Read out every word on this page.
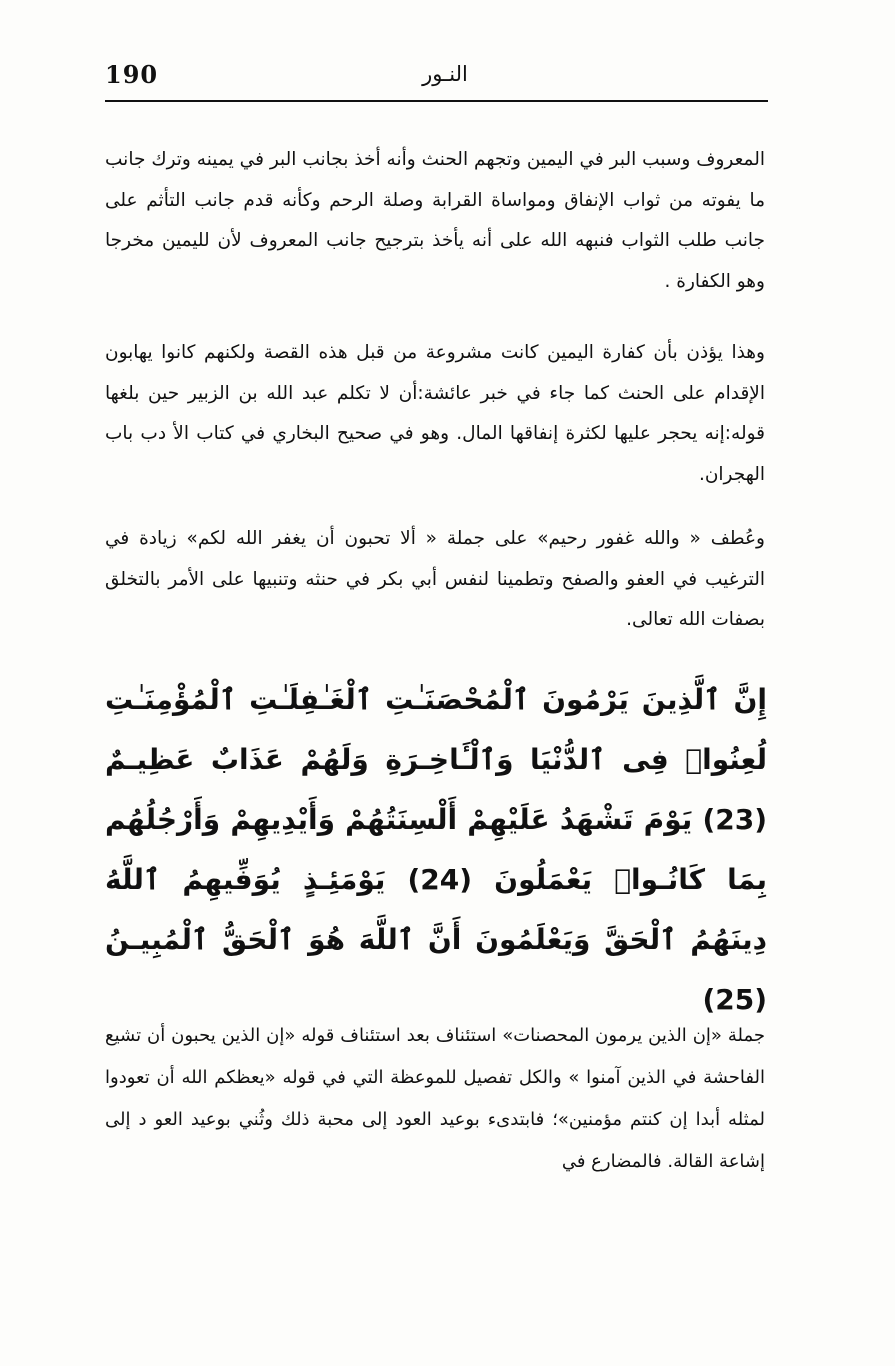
190	النـور

المعروف وسبب البر في اليمين وتجهم الحنث وأنه أخذ بجانب البر في يمينه وترك جانب ما يفوته من ثواب الإنفاق ومواساة القرابة وصلة الرحم وكأنه قدم جانب التأثم على جانب طلب الثواب فنبهه الله على أنه يأخذ بترجيح جانب المعروف لأن لليمين مخرجا وهو الكفارة .

وهذا يؤذن بأن كفارة اليمين كانت مشروعة من قبل هذه القصة ولكنهم كانوا يهابون الإقدام على الحنث كما جاء في خبر عائشة:أن لا تكلم عبد الله بن الزبير حين بلغها قوله:إنه يحجر عليها لكثرة إنفاقها المال. وهو في صحيح البخاري في كتاب الأ دب باب الهجران.

وعُطف « والله غفور رحيم» على جملة « ألا تحبون أن يغفر الله لكم» زيادة في الترغيب في العفو والصفح وتطمينا لنفس أبي بكر في حنثه وتنبيها على الأمر بالتخلق بصفات الله تعالى.

إِنَّ ٱلَّذِينَ يَرْمُونَ ٱلْمُحْصَنَـٰتِ ٱلْغَـٰفِلَـٰتِ ٱلْمُؤْمِنَـٰتِ لُعِنُوا۟ فِى ٱلدُّنْيَا وَٱلْـَٔاخِـرَةِ وَلَهُمْ عَذَابٌ عَظِيـمٌ (23) يَوْمَ تَشْهَدُ عَلَيْهِمْ أَلْسِنَتُهُمْ وَأَيْدِيهِمْ وَأَرْجُلُهُم بِمَا كَانُـوا۟ يَعْمَلُونَ (24) يَوْمَئِـذٍ يُوَفِّيهِمُ ٱللَّهُ دِينَهُمُ ٱلْحَقَّ وَيَعْلَمُونَ أَنَّ ٱللَّهَ هُوَ ٱلْحَقُّ ٱلْمُبِيـنُ (25)

جملة «إن الذين يرمون المحصنات» استئناف بعد استئناف قوله «إن الذين يحبون أن تشيع الفاحشة في الذين آمنوا » والكل تفصيل للموعظة التي في قوله «يعظكم الله أن تعودوا لمثله أبدا إن كنتم مؤمنين»؛ فابتدىء بوعيد العود إلى محبة ذلك وثُني بوعيد العو د إلى إشاعة القالة. فالمضارع في
